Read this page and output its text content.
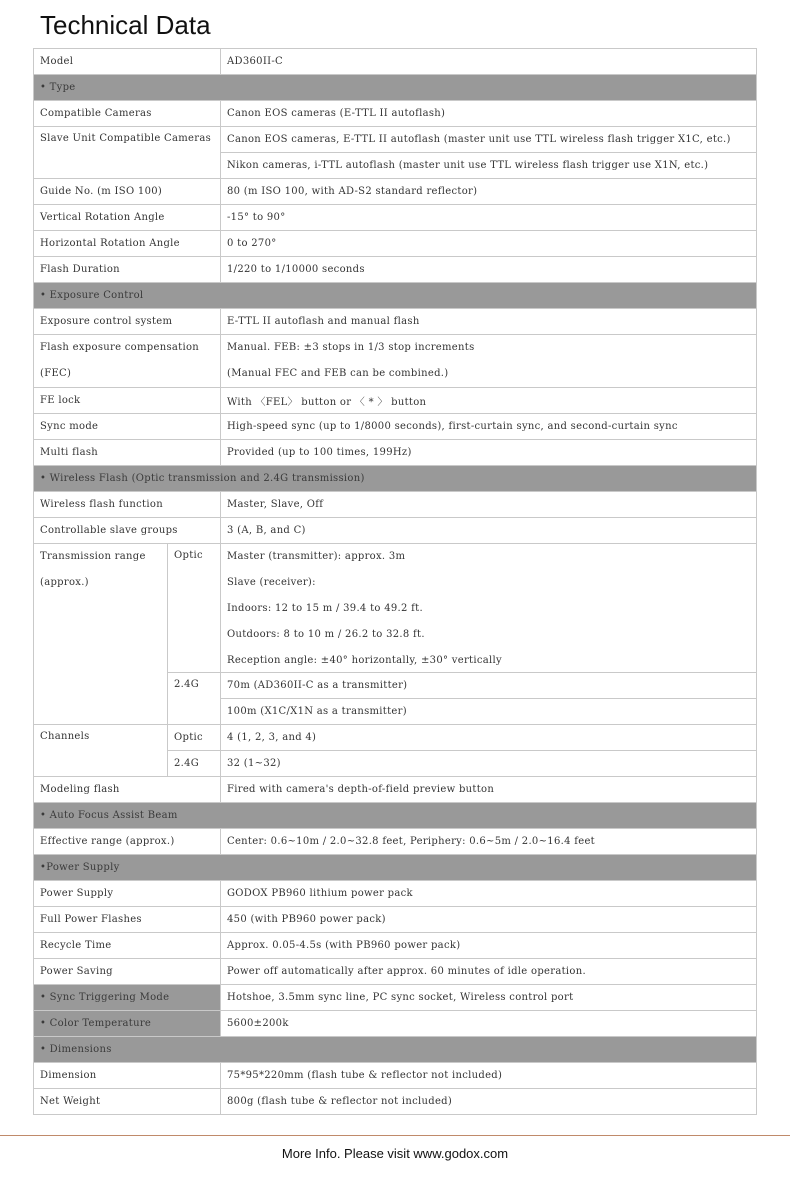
Technical Data
Model		AD360II-C
• Type		
Compatible Cameras		Canon EOS cameras (E-TTL II autoflash)
Slave Unit Compatible Cameras		Canon EOS cameras, E-TTL II autoflash (master unit use TTL wireless flash trigger X1C, etc.)
		Nikon cameras, i-TTL autoflash (master unit use TTL wireless flash trigger use X1N, etc.)
Guide No. (m ISO 100)		80 (m ISO 100, with AD-S2 standard reflector)
Vertical Rotation Angle		-15° to 90°
Horizontal Rotation Angle		0 to 270°
Flash Duration		1/220 to 1/10000 seconds
• Exposure Control		
Exposure control system		E-TTL II autoflash and manual flash

Flash exposure compensation
(FEC)		Manual. FEB: ±3 stops in 1/3 stop increments
(Manual FEC and FEB can be combined.)

FE lock		With 〈FEL〉 button or 〈 * 〉 button
Sync mode		High-speed sync (up to 1/8000 seconds), first-curtain sync, and second-curtain sync
Multi flash		Provided (up to 100 times, 199Hz)
• Wireless Flash (Optic transmission and 2.4G transmission)		
Wireless flash function		Master, Slave, Off
Controllable slave groups		3 (A, B, and C)

Transmission range
(approx.)	Optic	Master (transmitter): approx. 3m
Slave (receiver):
Indoors: 12 to 15 m / 39.4 to 49.2 ft.
Outdoors: 8 to 10 m / 26.2 to 32.8 ft.
Reception angle: ±40° horizontally, ±30° vertically

	2.4G	70m (AD360II-C as a transmitter)
		100m (X1C/X1N as a transmitter)
Channels	Optic	4 (1, 2, 3, and 4)
	2.4G	32 (1~32)
Modeling flash		Fired with camera's depth-of-field preview button
• Auto Focus Assist Beam		
Effective range (approx.)		Center: 0.6~10m / 2.0~32.8 feet, Periphery: 0.6~5m / 2.0~16.4 feet
•Power Supply		
Power Supply		GODOX PB960 lithium power pack
Full Power Flashes		450 (with PB960 power pack)
Recycle Time		Approx. 0.05-4.5s (with PB960 power pack)
Power Saving		Power off automatically after approx. 60 minutes of idle operation.
• Sync Triggering Mode		Hotshoe, 3.5mm sync line, PC sync socket, Wireless control port
• Color Temperature		5600±200k
• Dimensions		
Dimension		75*95*220mm (flash tube & reflector not included)
Net Weight		800g (flash tube & reflector not included)
More Info. Please visit www.godox.com
